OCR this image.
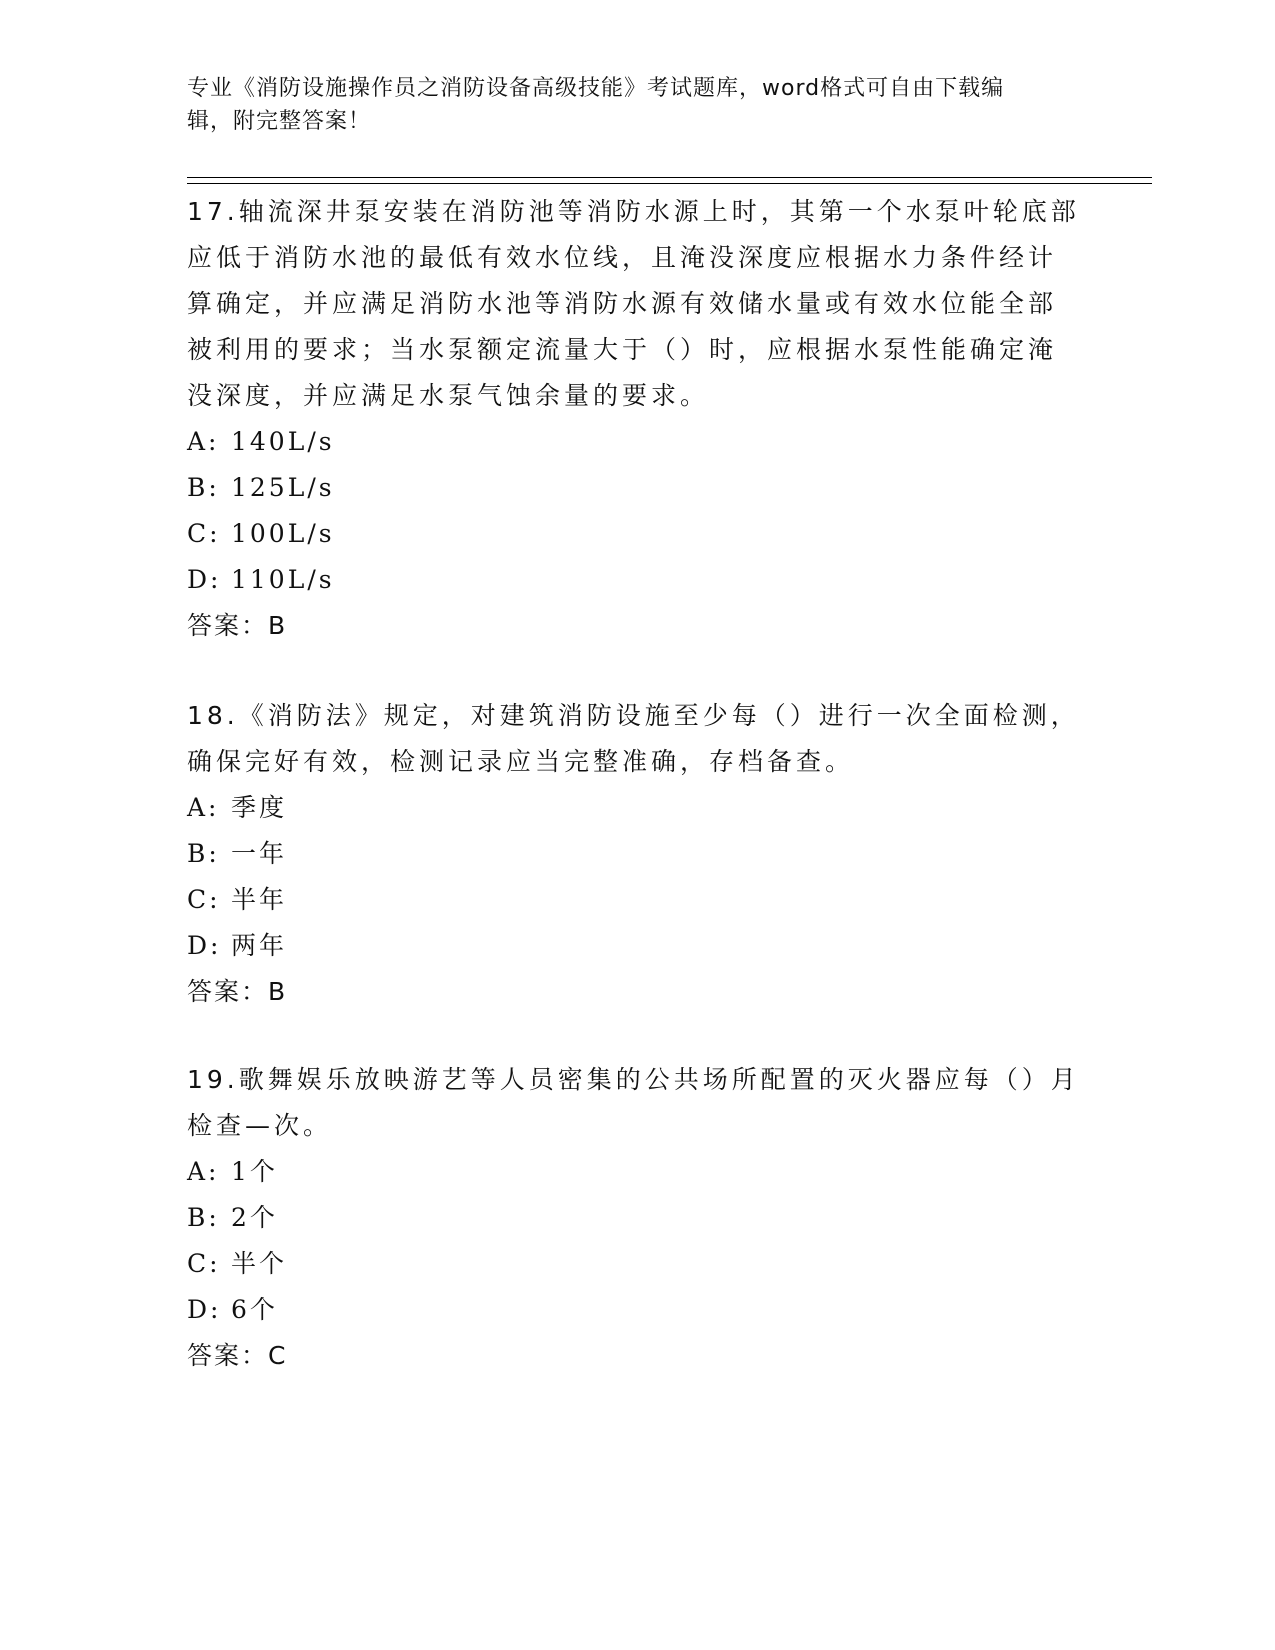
专业《消防设施操作员之消防设备高级技能》考试题库，word格式可自由下载编
辑，附完整答案！

17.轴流深井泵安装在消防池等消防水源上时，其第一个水泵叶轮底部

应低于消防水池的最低有效水位线，且淹没深度应根据水力条件经计

算确定，并应满足消防水池等消防水源有效储水量或有效水位能全部

被利用的要求；当水泵额定流量大于（）时，应根据水泵性能确定淹

没深度，并应满足水泵气蚀余量的要求。

A: 140L/s

B: 125L/s

C: 100L/s

D: 110L/s

答案：B

18.《消防法》规定，对建筑消防设施至少每（）进行一次全面检测，

确保完好有效，检测记录应当完整准确，存档备查。

A: 季度

B: 一年

C: 半年

D: 两年

答案：B

19.歌舞娱乐放映游艺等人员密集的公共场所配置的灭火器应每（）月

检查—次。

A: 1个

B: 2个

C: 半个

D: 6个

答案：C
